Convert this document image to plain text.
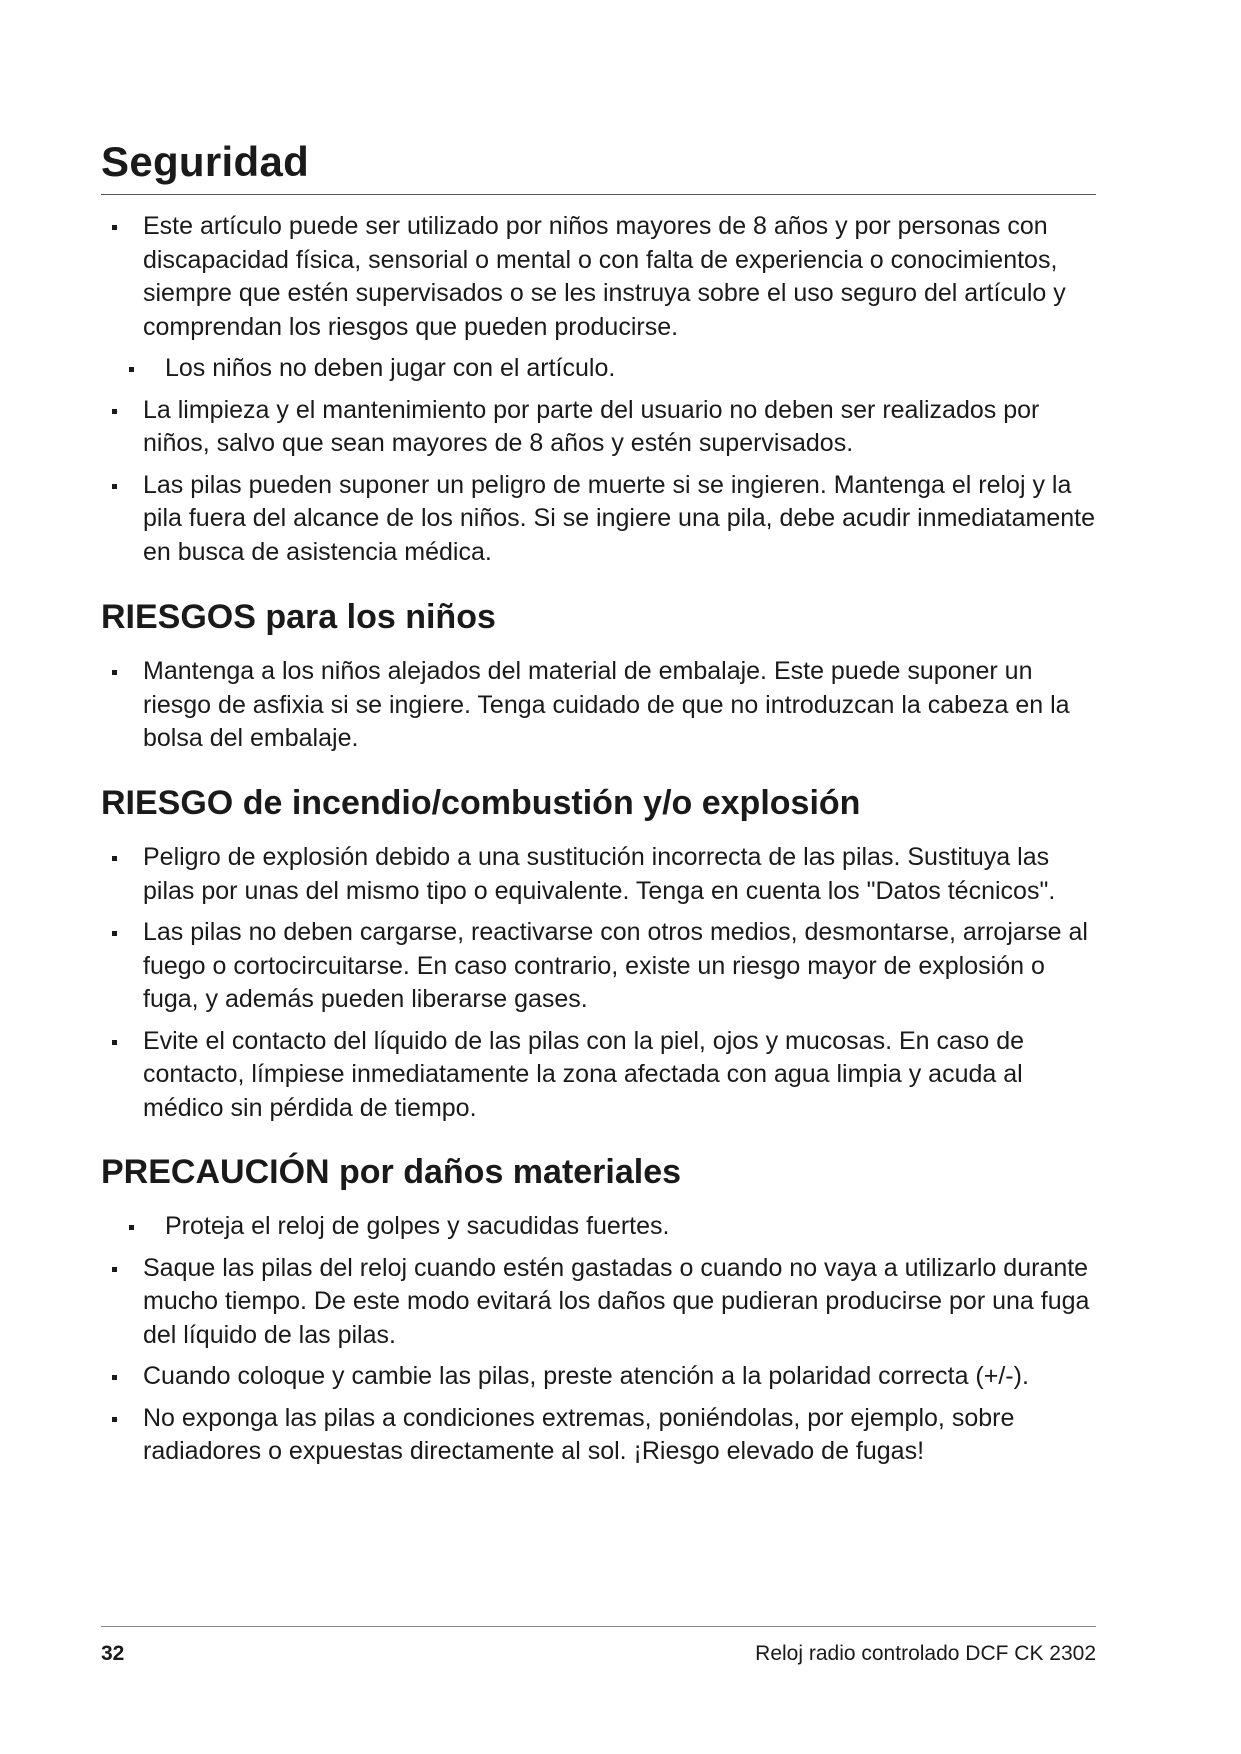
Seguridad
Este artículo puede ser utilizado por niños mayores de 8 años y por personas con discapacidad física, sensorial o mental o con falta de experiencia o conocimientos, siempre que estén supervisados o se les instruya sobre el uso seguro del artículo y comprendan los riesgos que pueden producirse.
Los niños no deben jugar con el artículo.
La limpieza y el mantenimiento por parte del usuario no deben ser realizados por niños, salvo que sean mayores de 8 años y estén supervisados.
Las pilas pueden suponer un peligro de muerte si se ingieren. Mantenga el reloj y la pila fuera del alcance de los niños. Si se ingiere una pila, debe acudir inmediatamente en busca de asistencia médica.
RIESGOS para los niños
Mantenga a los niños alejados del material de embalaje. Este puede suponer un riesgo de asfixia si se ingiere. Tenga cuidado de que no introduzcan la cabeza en la bolsa del embalaje.
RIESGO de incendio/combustión y/o explosión
Peligro de explosión debido a una sustitución incorrecta de las pilas. Sustituya las pilas por unas del mismo tipo o equivalente. Tenga en cuenta los "Datos técnicos".
Las pilas no deben cargarse, reactivarse con otros medios, desmontarse, arrojarse al fuego o cortocircuitarse. En caso contrario, existe un riesgo mayor de explosión o fuga, y además pueden liberarse gases.
Evite el contacto del líquido de las pilas con la piel, ojos y mucosas. En caso de contacto, límpiese inmediatamente la zona afectada con agua limpia y acuda al médico sin pérdida de tiempo.
PRECAUCIÓN por daños materiales
Proteja el reloj de golpes y sacudidas fuertes.
Saque las pilas del reloj cuando estén gastadas o cuando no vaya a utilizarlo durante mucho tiempo. De este modo evitará los daños que pudieran producirse por una fuga del líquido de las pilas.
Cuando coloque y cambie las pilas, preste atención a la polaridad correcta (+/-).
No exponga las pilas a condiciones extremas, poniéndolas, por ejemplo, sobre radiadores o expuestas directamente al sol. ¡Riesgo elevado de fugas!
32	Reloj radio controlado DCF CK 2302
